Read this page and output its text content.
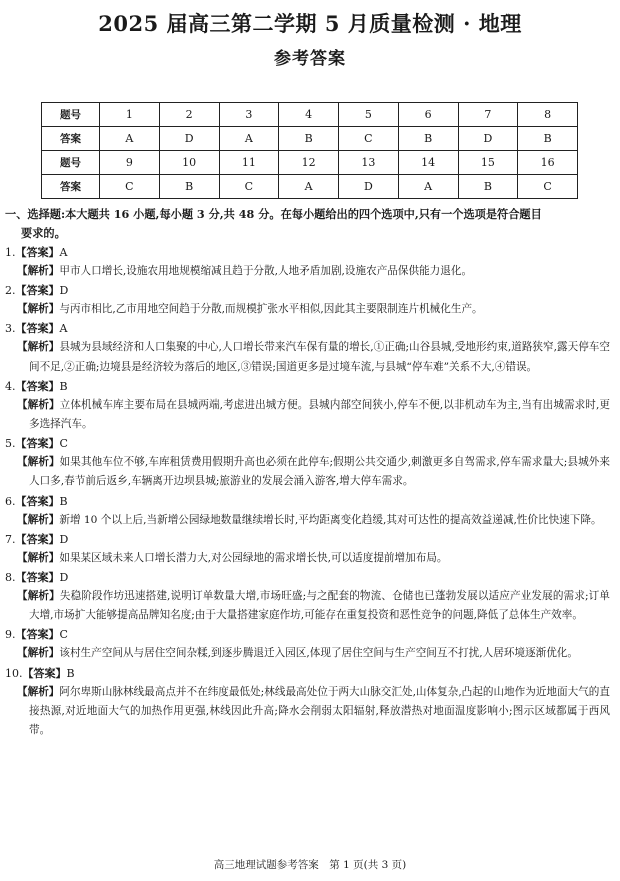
2025 届高三第二学期 5 月质量检测 · 地理
参考答案
题号	1	2	3	4	5	6	7	8
答案	A	D	A	B	C	B	D	B
题号	9	10	11	12	13	14	15	16
答案	C	B	C	A	D	A	B	C
一、选择题:本大题共 16 小题,每小题 3 分,共 48 分。在每小题给出的四个选项中,只有一个选项是符合题目
要求的。
1.【答案】A
【解析】甲市人口增长,设施农用地规模缩减且趋于分散,人地矛盾加剧,设施农产品保供能力退化。
2.【答案】D
【解析】与丙市相比,乙市用地空间趋于分散,而规模扩张水平相似,因此其主要限制连片机械化生产。
3.【答案】A
【解析】县城为县域经济和人口集聚的中心,人口增长带来汽车保有量的增长,①正确;山谷县城,受地形约束,道路狭窄,露天停车空间不足,②正确;边境县是经济较为落后的地区,③错误;国道更多是过境车流,与县城“停车难”关系不大,④错误。
4.【答案】B
【解析】立体机械车库主要布局在县城两端,考虑进出城方便。县城内部空间狭小,停车不便,以非机动车为主,当有出城需求时,更多选择汽车。
5.【答案】C
【解析】如果其他车位不够,车库租赁费用假期升高也必须在此停车;假期公共交通少,刺激更多自驾需求,停车需求量大;县城外来人口多,春节前后返乡,车辆离开边坝县城;旅游业的发展会涌入游客,增大停车需求。
6.【答案】B
【解析】新增 10 个以上后,当新增公园绿地数量继续增长时,平均距离变化趋缓,其对可达性的提高效益递减,性价比快速下降。
7.【答案】D
【解析】如果某区域未来人口增长潜力大,对公园绿地的需求增长快,可以适度提前增加布局。
8.【答案】D
【解析】失稳阶段作坊迅速搭建,说明订单数量大增,市场旺盛;与之配套的物流、仓储也已蓬勃发展以适应产业发展的需求;订单大增,市场扩大能够提高品牌知名度;由于大量搭建家庭作坊,可能存在重复投资和恶性竞争的问题,降低了总体生产效率。
9.【答案】C
【解析】该村生产空间从与居住空间杂糅,到逐步腾退迁入园区,体现了居住空间与生产空间互不打扰,人居环境逐渐优化。
10.【答案】B
【解析】阿尔卑斯山脉林线最高点并不在纬度最低处;林线最高处位于两大山脉交汇处,山体复杂,凸起的山地作为近地面大气的直接热源,对近地面大气的加热作用更强,林线因此升高;降水会削弱太阳辐射,释放潜热对地面温度影响小;图示区域都属于西风带。
高三地理试题参考答案　第 1 页(共 3 页)
